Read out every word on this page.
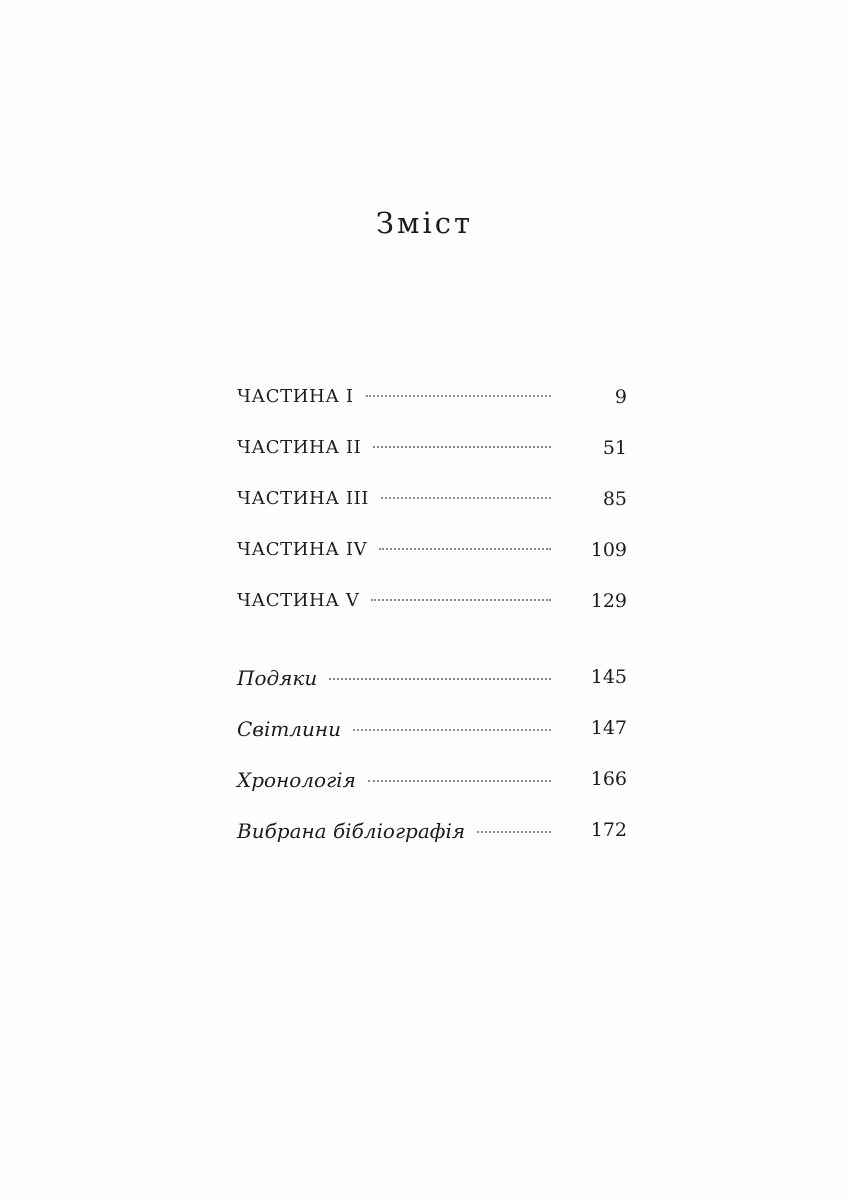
Зміст
ЧАСТИНА I	9
ЧАСТИНА II	51
ЧАСТИНА III	85
ЧАСТИНА IV	109
ЧАСТИНА V	129
Подяки	145
Світлини	147
Хронологія	166
Вибрана бібліографія	172
